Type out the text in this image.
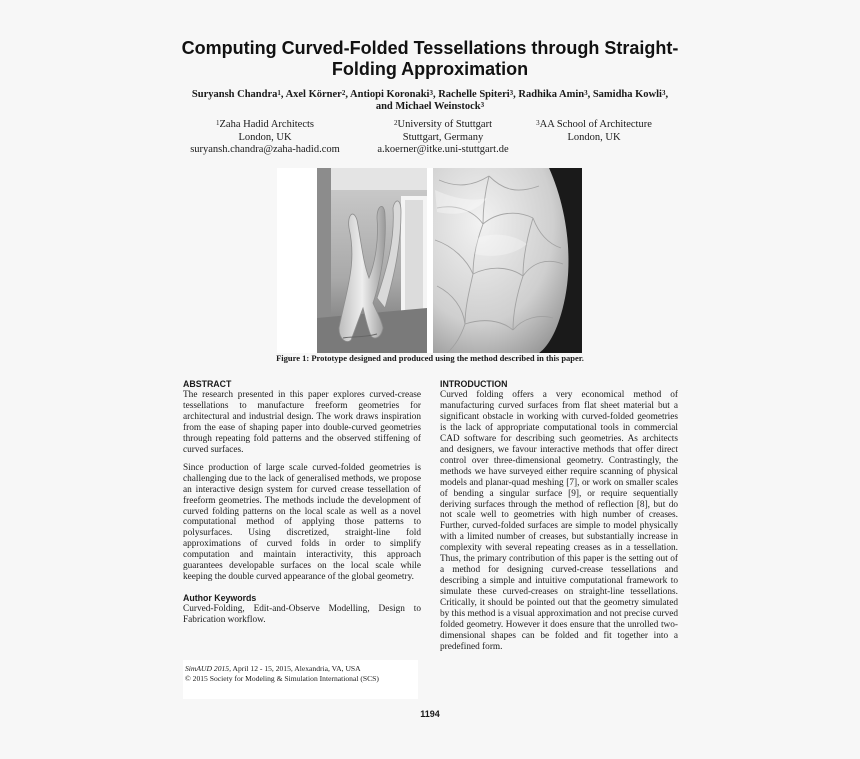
Computing Curved-Folded Tessellations through Straight-Folding Approximation
Suryansh Chandra$^1$, Axel Körner$^2$, Antiopi Koronaki$^3$, Rachelle Spiteri$^3$, Radhika Amin$^3$, Samidha Kowli$^3$,
and Michael Weinstock$^3$
$^1$Zaha Hadid Architects
London, UK
suryansh.chandra@zaha-hadid.com
$^2$University of Stuttgart
Stuttgart, Germany
a.koerner@itke.uni-stuttgart.de
$^3$AA School of Architecture
London, UK
Figure 1: Prototype designed and produced using the method described in this paper.

ABSTRACT

The research presented in this paper explores curved-crease tessellations to manufacture freeform geometries for architectural and industrial design. The work draws inspiration from the ease of shaping paper into double-curved geometries through repeating fold patterns and the observed stiffening of curved surfaces.

Since production of large scale curved-folded geometries is challenging due to the lack of generalised methods, we propose an interactive design system for curved crease tessellation of freeform geometries. The methods include the development of curved folding patterns on the local scale as well as a novel computational method of applying those patterns to polysurfaces. Using discretized, straight-line fold approximations of curved folds in order to simplify computation and maintain interactivity, this approach guarantees developable surfaces on the local scale while keeping the double curved appearance of the global geometry.

Author Keywords

Curved-Folding, Edit-and-Observe Modelling, Design to Fabrication workflow.

INTRODUCTION

Curved folding offers a very economical method of manufacturing curved surfaces from flat sheet material but a significant obstacle in working with curved-folded geometries is the lack of appropriate computational tools in commercial CAD software for describing such geometries. As architects and designers, we favour interactive methods that offer direct control over three-dimensional geometry. Contrastingly, the methods we have surveyed either require scanning of physical models and planar-quad meshing [7], or work on smaller scales of bending a singular surface [9], or require sequentially deriving surfaces through the method of reflection [8], but do not scale well to geometries with high number of creases. Further, curved-folded surfaces are simple to model physically with a limited number of creases, but substantially increase in complexity with several repeating creases as in a tessellation. Thus, the primary contribution of this paper is the setting out of a method for designing curved-crease tessellations and describing a simple and intuitive computational framework to simulate these curved-creases on straight-line tessellations. Critically, it should be pointed out that the geometry simulated by this method is a visual approximation and not precise curved folded geometry. However it does ensure that the unrolled two-dimensional shapes can be folded and fit together into a predefined form.

SimAUD 2015, April 12 - 15, 2015, Alexandria, VA, USA
© 2015 Society for Modeling & Simulation International (SCS)
1194
